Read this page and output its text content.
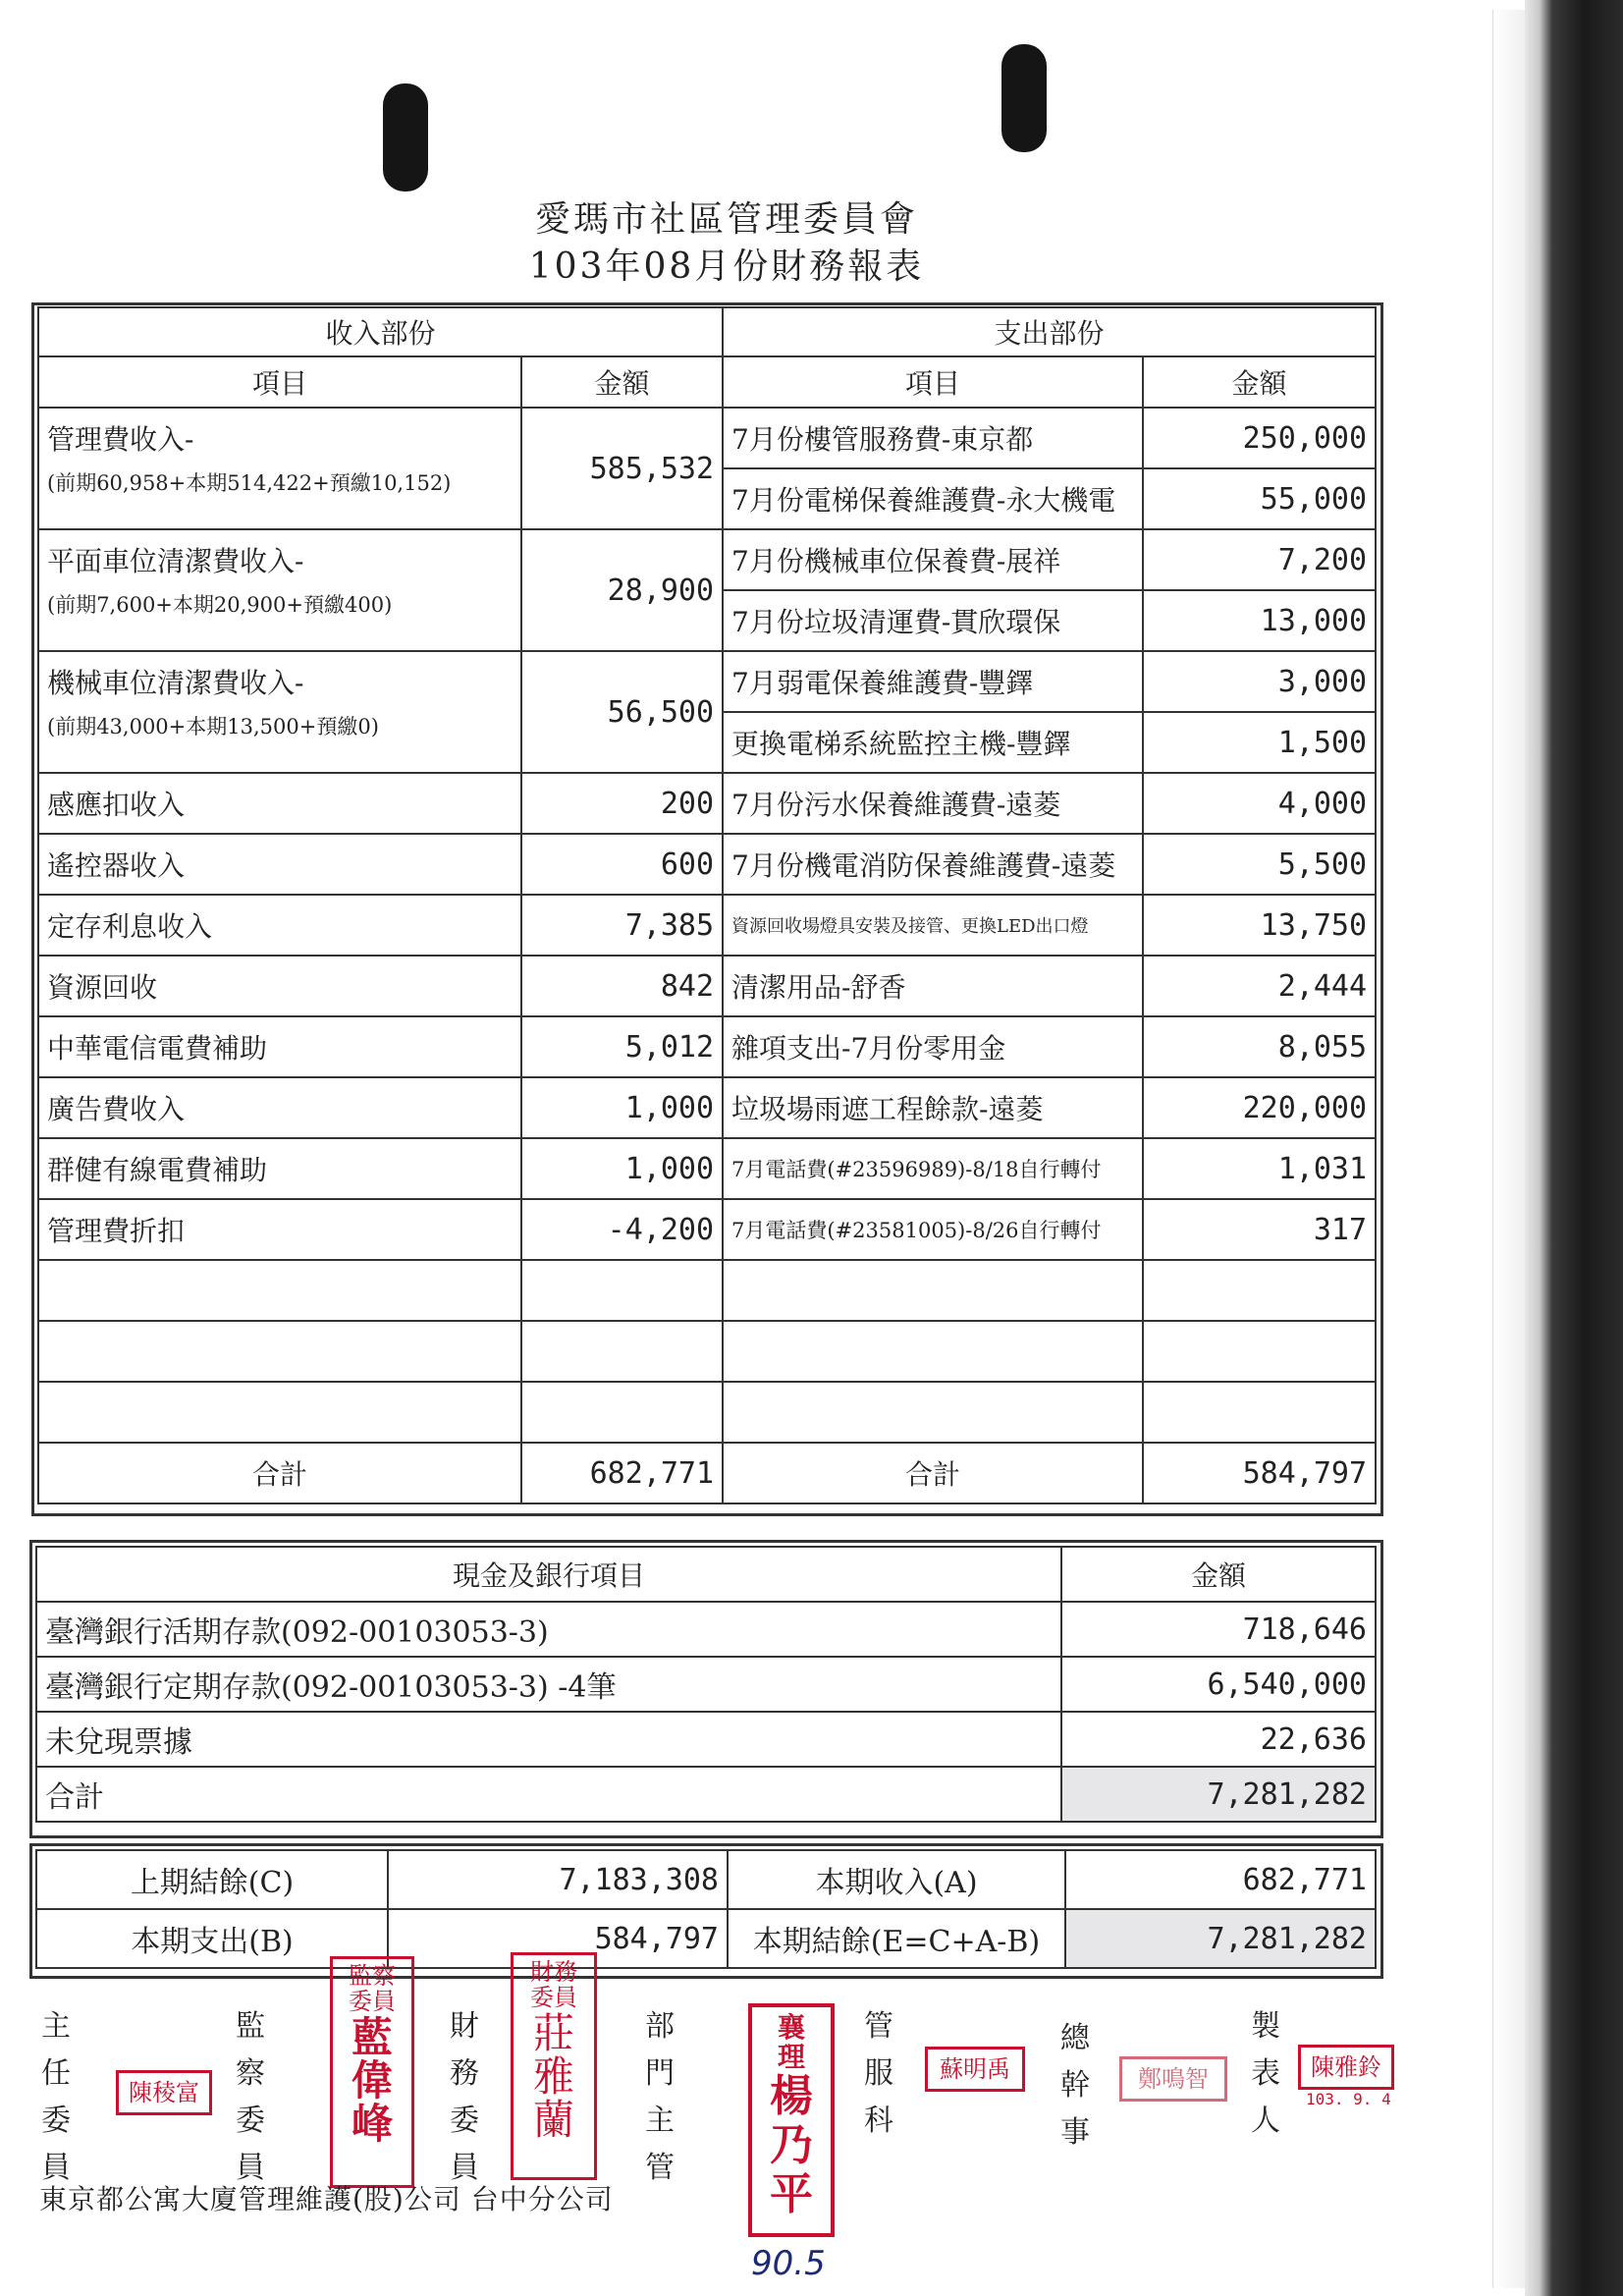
愛瑪市社區管理委員會
103年08月份財務報表
收入部份		支出部份	
項目	金額	項目	金額

管理費收入-
(前期60,958+本期514,422+預繳10,152)	585,532	7月份樓管服務費-東京都	250,000
		7月份電梯保養維護費-永大機電	55,000

平面車位清潔費收入-
(前期7,600+本期20,900+預繳400)	28,900	7月份機械車位保養費-展祥	7,200
		7月份垃圾清運費-貫欣環保	13,000

機械車位清潔費收入-
(前期43,000+本期13,500+預繳0)	56,500	7月弱電保養維護費-豐鐸	3,000
		更換電梯系統監控主機-豐鐸	1,500
感應扣收入	200	7月份污水保養維護費-遠菱	4,000
遙控器收入	600	7月份機電消防保養維護費-遠菱	5,500
定存利息收入	7,385	資源回收場燈具安裝及接管、更換LED出口燈	13,750
資源回收	842	清潔用品-舒香	2,444
中華電信電費補助	5,012	雜項支出-7月份零用金	8,055
廣告費收入	1,000	垃圾場雨遮工程餘款-遠菱	220,000
群健有線電費補助	1,000	7月電話費(#23596989)-8/18自行轉付	1,031
管理費折扣	-4,200	7月電話費(#23581005)-8/26自行轉付	317

合計	682,771	合計	584,797
現金及銀行項目	金額
臺灣銀行活期存款(092-00103053-3)	718,646
臺灣銀行定期存款(092-00103053-3) -4筆	6,540,000
未兌現票據	22,636
合計	7,281,282
上期結餘(C)	7,183,308	本期收入(A)	682,771
本期支出(B)	584,797	本期結餘(E=C+A-B)	7,281,282
主任委員
監察委員
財務委員
部門主管
管服科
總幹事
製表人
陳稜富
監察委員
藍偉峰
財務委員
莊雅蘭
襄理
楊乃平
蘇明禹	鄭鳴智	陳雅鈴
103. 9. 4
東京都公寓大廈管理維護(股)公司 台中分公司
90.5
